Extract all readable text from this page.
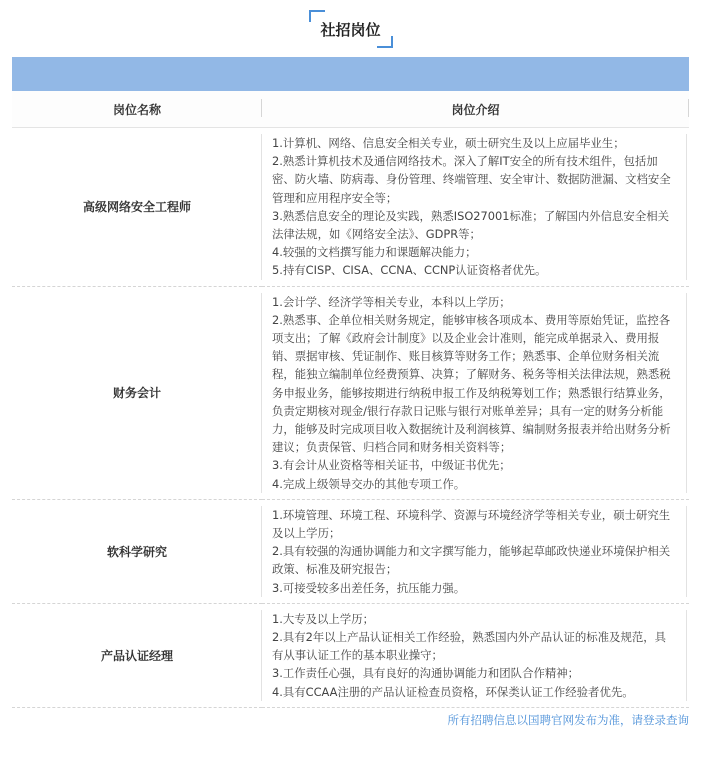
社招岗位
岗位名称	岗位介绍

高级网络安全工程师	1.计算机、网络、信息安全相关专业，硕士研究生及以上应届毕业生；
2.熟悉计算机技术及通信网络技术。深入了解IT安全的所有技术组件，包括加密、防火墙、防病毒、身份管理、终端管理、安全审计、数据防泄漏、文档安全管理和应用程序安全等；
3.熟悉信息安全的理论及实践，熟悉ISO27001标准；了解国内外信息安全相关法律法规，如《网络安全法》、GDPR等；
4.较强的文档撰写能力和课题解决能力；
5.持有CISP、CISA、CCNA、CCNP认证资格者优先。

财务会计	1.会计学、经济学等相关专业，本科以上学历；
2.熟悉事、企单位相关财务规定，能够审核各项成本、费用等原始凭证，监控各项支出；了解《政府会计制度》以及企业会计准则，能完成单据录入、费用报销、票据审核、凭证制作、账目核算等财务工作；熟悉事、企单位财务相关流程，能独立编制单位经费预算、决算；了解财务、税务等相关法律法规，熟悉税务申报业务，能够按期进行纳税申报工作及纳税筹划工作；熟悉银行结算业务，负责定期核对现金/银行存款日记账与银行对账单差异；具有一定的财务分析能力，能够及时完成项目收入数据统计及利润核算、编制财务报表并给出财务分析建议；负责保管、归档合同和财务相关资料等；
3.有会计从业资格等相关证书，中级证书优先；
4.完成上级领导交办的其他专项工作。

软科学研究	1.环境管理、环境工程、环境科学、资源与环境经济学等相关专业，硕士研究生及以上学历；
2.具有较强的沟通协调能力和文字撰写能力，能够起草邮政快递业环境保护相关政策、标准及研究报告；
3.可接受较多出差任务，抗压能力强。

产品认证经理	1.大专及以上学历；
2.具有2年以上产品认证相关工作经验，熟悉国内外产品认证的标准及规范，具有从事认证工作的基本职业操守；
3.工作责任心强，具有良好的沟通协调能力和团队合作精神；
4.具有CCAA注册的产品认证检查员资格，环保类认证工作经验者优先。
所有招聘信息以国聘官网发布为准，请登录查询
